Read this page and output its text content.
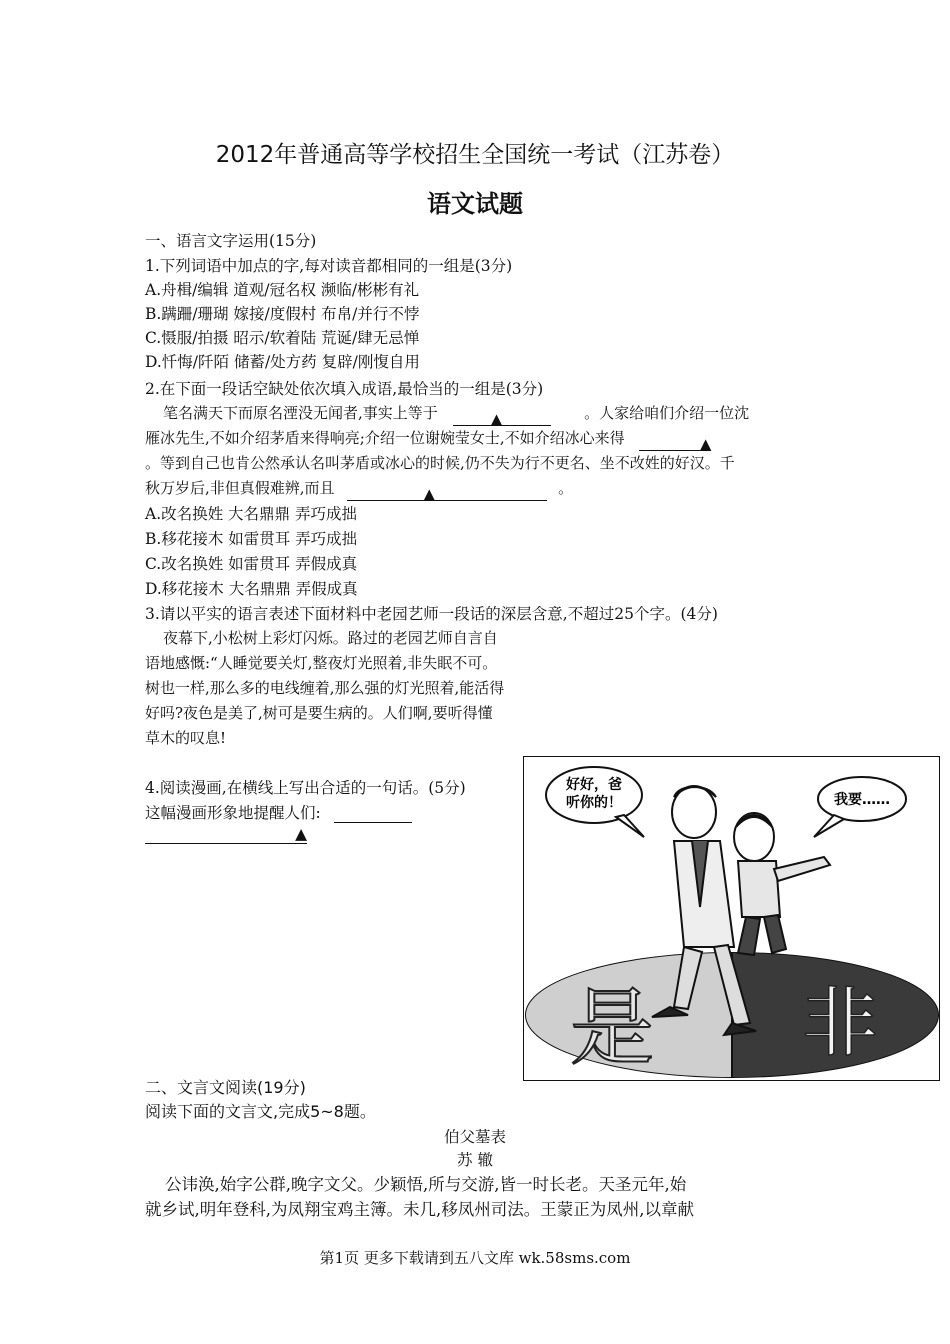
2012年普通高等学校招生全国统一考试（江苏卷）
语文试题
一、语言文字运用(15分)
1.下列词语中加点的字,每对读音都相同的一组是(3分)
A.舟楫/编辑 道观/冠名权 濒临/彬彬有礼
B.蹒跚/珊瑚 嫁接/度假村 布帛/并行不悖
C.慑服/拍摄 昭示/软着陆 荒诞/肆无忌惮
D.忏悔/阡陌 储蓄/处方药 复辟/刚愎自用
2.在下面一段话空缺处依次填入成语,最恰当的一组是(3分)
笔名满天下而原名湮没无闻者,事实上等于	▲	。人家给咱们介绍一位沈
雁冰先生,不如介绍茅盾来得响亮;介绍一位谢婉莹女士,不如介绍冰心来得	▲
。等到自己也肯公然承认名叫茅盾或冰心的时候,仍不失为行不更名、坐不改姓的好汉。千
秋万岁后,非但真假难辨,而且	▲	。
A.改名换姓 大名鼎鼎 弄巧成拙
B.移花接木 如雷贯耳 弄巧成拙
C.改名换姓 如雷贯耳 弄假成真
D.移花接木 大名鼎鼎 弄假成真
3.请以平实的语言表述下面材料中老园艺师一段话的深层含意,不超过25个字。(4分)
夜幕下,小松树上彩灯闪烁。路过的老园艺师自言自
语地感慨:“人睡觉要关灯,整夜灯光照着,非失眠不可。
树也一样,那么多的电线缠着,那么强的灯光照着,能活得
好吗?夜色是美了,树可是要生病的。人们啊,要听得懂
草木的叹息!
4.阅读漫画,在横线上写出合适的一句话。(5分)
这幅漫画形象地提醒人们:
▲
是 非
好好，爸
听你的！	我要……
二、文言文阅读(19分)
阅读下面的文言文,完成5~8题。
伯父墓表
苏 辙
公讳涣,始字公群,晚字文父。少颖悟,所与交游,皆一时长老。天圣元年,始
就乡试,明年登科,为凤翔宝鸡主簿。未几,移凤州司法。王蒙正为凤州,以章献
第1页 更多下载请到五八文库 wk.58sms.com
